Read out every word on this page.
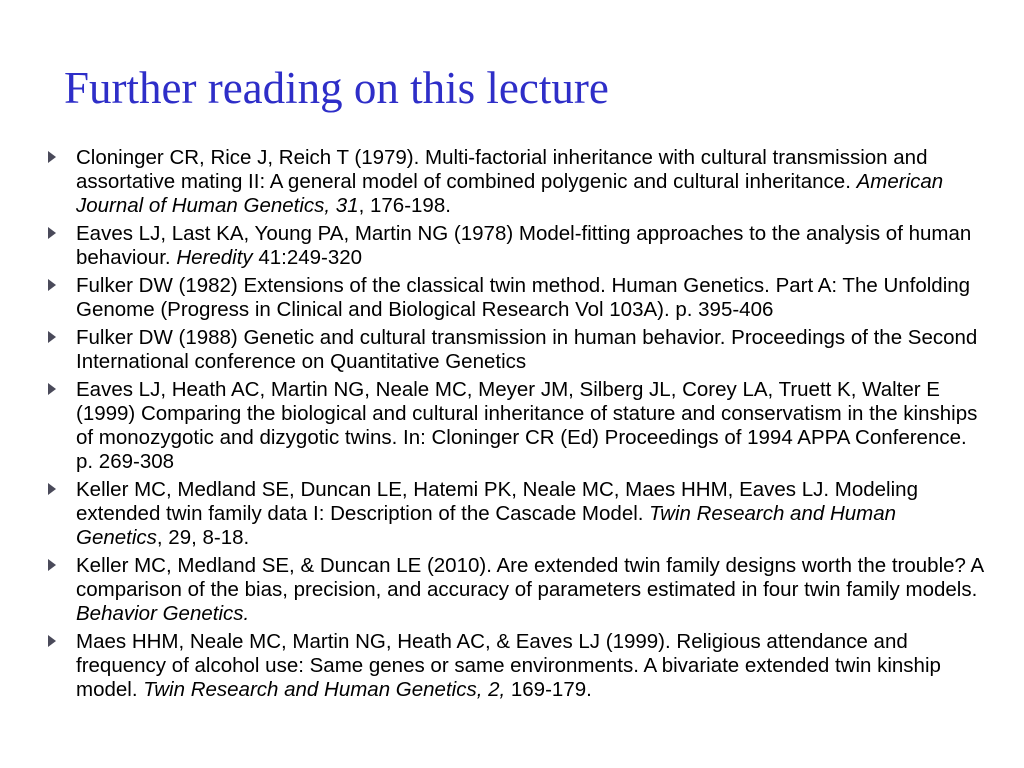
Further reading on this lecture
Cloninger CR, Rice J, Reich T (1979). Multi-factorial inheritance with cultural transmission and assortative mating II: A general model of combined polygenic and cultural inheritance. American Journal of Human Genetics, 31, 176-198.
Eaves LJ, Last KA, Young PA, Martin NG (1978) Model-fitting approaches to the analysis of human behaviour. Heredity 41:249-320
Fulker DW (1982) Extensions of the classical twin method. Human Genetics. Part A: The Unfolding Genome (Progress in Clinical and Biological Research Vol 103A). p. 395-406
Fulker DW (1988) Genetic and cultural transmission in human behavior. Proceedings of the Second International conference on Quantitative Genetics
Eaves LJ, Heath AC, Martin NG, Neale MC, Meyer JM, Silberg JL, Corey LA, Truett K, Walter E (1999) Comparing the biological and cultural inheritance of stature and conservatism in the kinships of monozygotic and dizygotic twins. In: Cloninger CR (Ed) Proceedings of 1994 APPA Conference. p. 269-308
Keller MC, Medland SE, Duncan LE, Hatemi PK, Neale MC, Maes HHM, Eaves LJ. Modeling extended twin family data I: Description of the Cascade Model. Twin Research and Human Genetics, 29, 8-18.
Keller MC, Medland SE, & Duncan LE (2010). Are extended twin family designs worth the trouble? A comparison of the bias, precision, and accuracy of parameters estimated in four twin family models. Behavior Genetics.
Maes HHM, Neale MC, Martin NG, Heath AC, & Eaves LJ (1999). Religious attendance and frequency of alcohol use: Same genes or same environments. A bivariate extended twin kinship model. Twin Research and Human Genetics, 2, 169-179.
